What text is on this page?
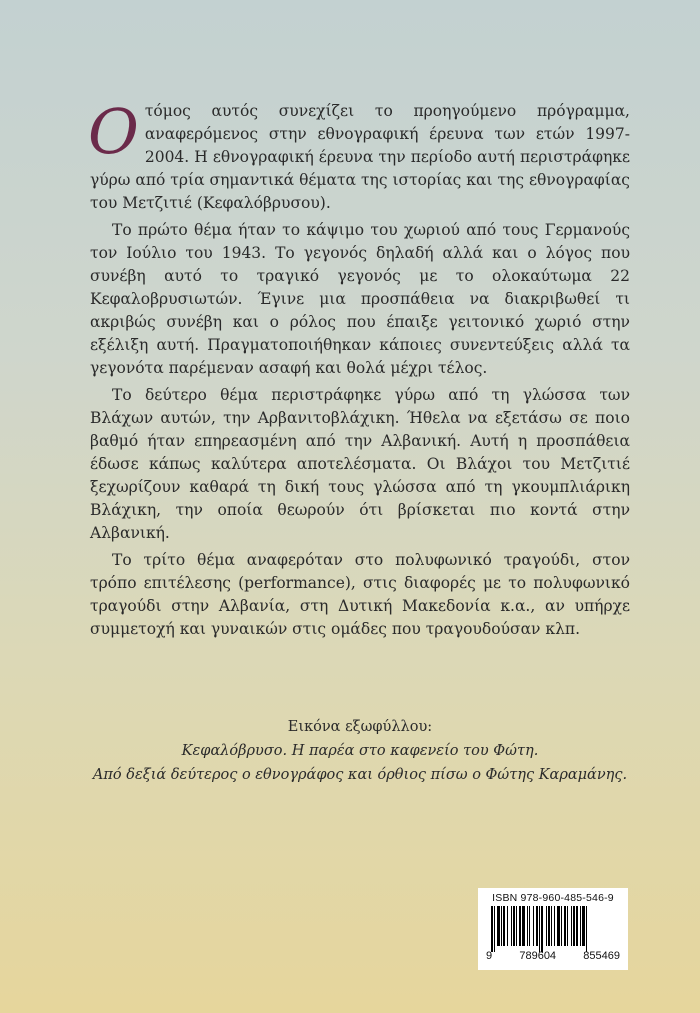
Οτόμος αυτός συνεχίζει το προηγούμενο πρόγραμμα, αναφερόμενος στην εθνογραφική έρευνα των ετών 1997-2004. Η εθνογραφική έρευνα την περίοδο αυτή περιστράφηκε γύρω από τρία σημαντικά θέματα της ιστορίας και της εθνογραφίας του Μετζιτιέ (Κεφαλόβρυσου).

Το πρώτο θέμα ήταν το κάψιμο του χωριού από τους Γερμανούς τον Ιούλιο του 1943. Το γεγονός δηλαδή αλλά και ο λόγος που συνέβη αυτό το τραγικό γεγονός με το ολοκαύτωμα 22 Κεφαλοβρυσιωτών. Έγινε μια προσπάθεια να διακριβωθεί τι ακριβώς συνέβη και ο ρόλος που έπαιξε γειτονικό χωριό στην εξέλιξη αυτή. Πραγματοποιήθηκαν κάποιες συνεντεύξεις αλλά τα γεγονότα παρέμεναν ασαφή και θολά μέχρι τέλος.

Το δεύτερο θέμα περιστράφηκε γύρω από τη γλώσσα των Βλάχων αυτών, την Αρβανιτοβλάχικη. Ήθελα να εξετάσω σε ποιο βαθμό ήταν επηρεασμένη από την Αλβανική. Αυτή η προσπάθεια έδωσε κάπως καλύτερα αποτελέσματα. Οι Βλάχοι του Μετζιτιέ ξεχωρίζουν καθαρά τη δική τους γλώσσα από τη γκουμπλιάρικη Βλάχικη, την οποία θεωρούν ότι βρίσκεται πιο κοντά στην Αλβανική.

Το τρίτο θέμα αναφερόταν στο πολυφωνικό τραγούδι, στον τρόπο επιτέλεσης (performance), στις διαφορές με το πολυφωνικό τραγούδι στην Αλβανία, στη Δυτική Μακεδονία κ.α., αν υπήρχε συμμετοχή και γυναικών στις ομάδες που τραγουδούσαν κλπ.

Εικόνα εξωφύλλου:
Κεφαλόβρυσο. Η παρέα στο καφενείο του Φώτη.
Από δεξιά δεύτερος ο εθνογράφος και όρθιος πίσω ο Φώτης Καραμάνης.
ISBN 978-960-485-546-9
9 789604 855469
